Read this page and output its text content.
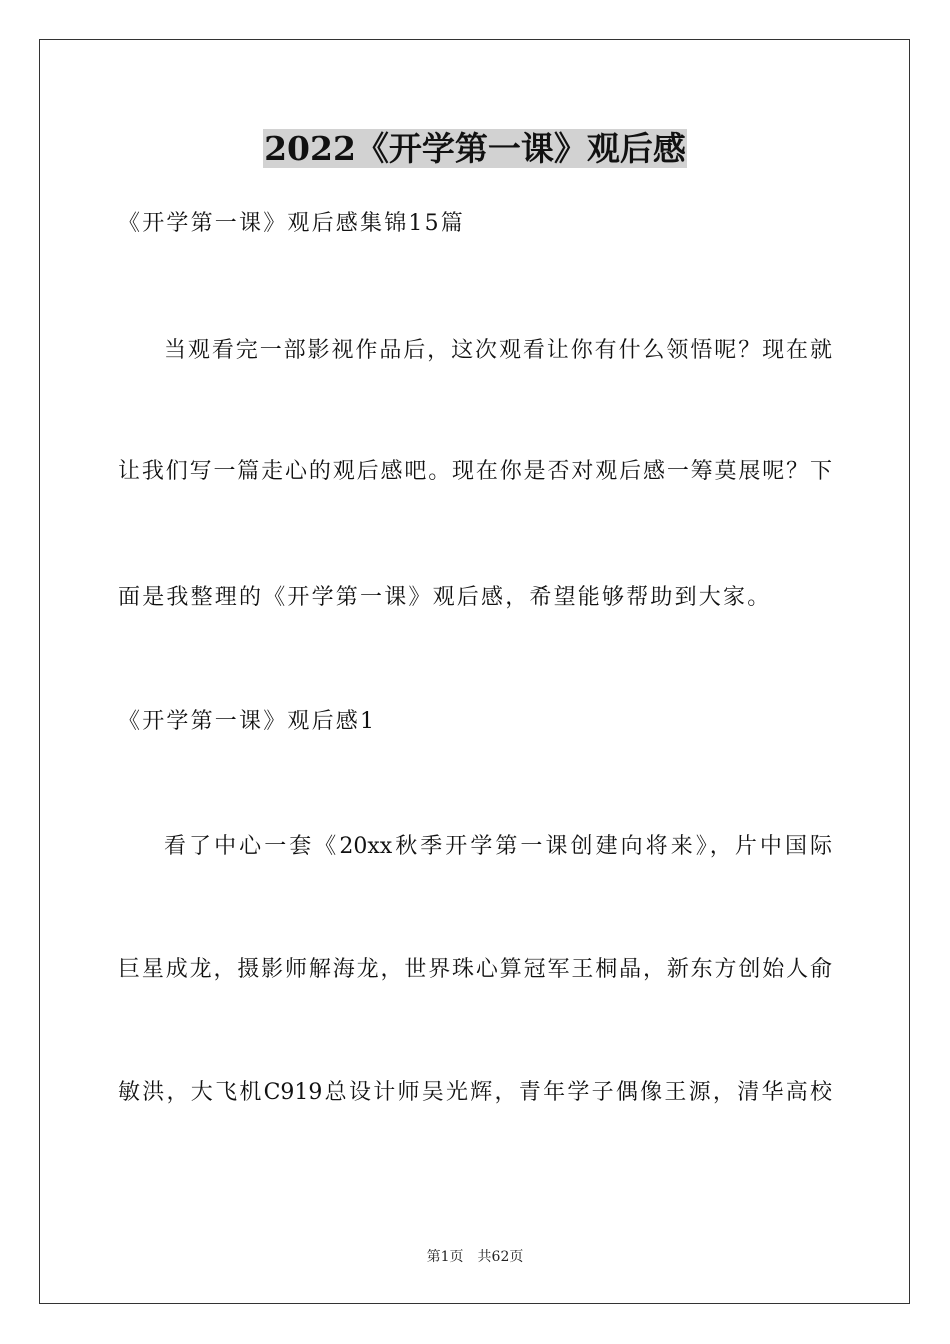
2022《开学第一课》观后感
《开学第一课》观后感集锦15篇
当观看完一部影视作品后，这次观看让你有什么领悟呢？现在就
让我们写一篇走心的观后感吧。现在你是否对观后感一筹莫展呢？下
面是我整理的《开学第一课》观后感，希望能够帮助到大家。
《开学第一课》观后感1
看了中心一套《20xx秋季开学第一课创建向将来》，片中国际
巨星成龙，摄影师解海龙，世界珠心算冠军王桐晶，新东方创始人俞
敏洪，大飞机C919总设计师吴光辉，青年学子偶像王源，清华高校
第1页 共62页
